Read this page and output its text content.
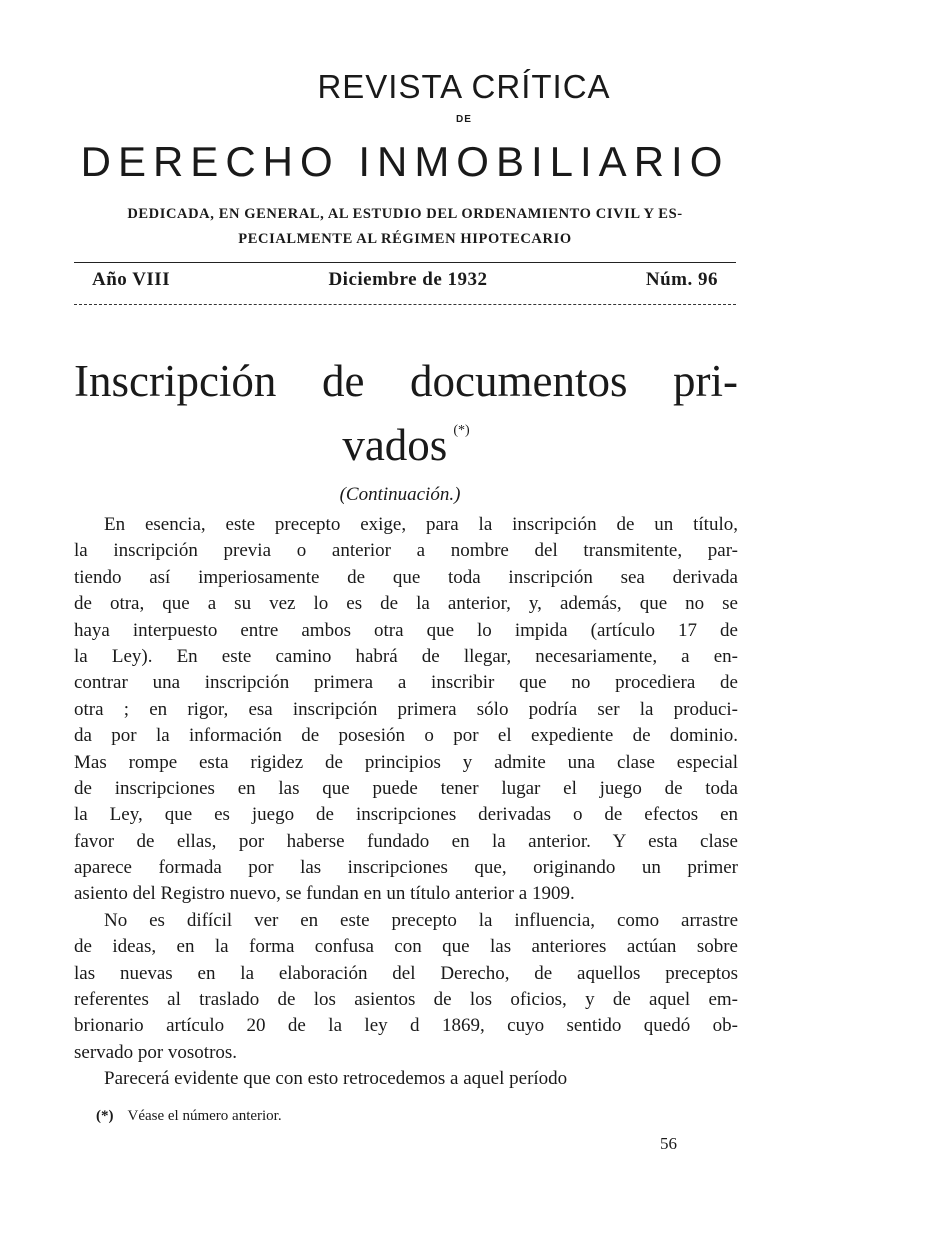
REVISTA CRÍTICA
DE
DERECHO INMOBILIARIO
DEDICADA, EN GENERAL, AL ESTUDIO DEL ORDENAMIENTO CIVIL Y ES-
PECIALMENTE AL RÉGIMEN HIPOTECARIO
Año VIII	Diciembre de 1932	Núm. 96
Inscripción de documentos pri-
vados (*)
(Continuación.)
En esencia, este precepto exige, para la inscripción de un título,
la inscripción previa o anterior a nombre del transmitente, par-
tiendo así imperiosamente de que toda inscripción sea derivada
de otra, que a su vez lo es de la anterior, y, además, que no se
haya interpuesto entre ambos otra que lo impida (artículo 17 de
la Ley). En este camino habrá de llegar, necesariamente, a en-
contrar una inscripción primera a inscribir que no procediera de
otra ; en rigor, esa inscripción primera sólo podría ser la produci-
da por la información de posesión o por el expediente de dominio.
Mas rompe esta rigidez de principios y admite una clase especial
de inscripciones en las que puede tener lugar el juego de toda
la Ley, que es juego de inscripciones derivadas o de efectos en
favor de ellas, por haberse fundado en la anterior. Y esta clase
aparece formada por las inscripciones que, originando un primer
asiento del Registro nuevo, se fundan en un título anterior a 1909.
No es difícil ver en este precepto la influencia, como arrastre
de ideas, en la forma confusa con que las anteriores actúan sobre
las nuevas en la elaboración del Derecho, de aquellos preceptos
referentes al traslado de los asientos de los oficios, y de aquel em-
brionario artículo 20 de la ley d 1869, cuyo sentido quedó ob-
servado por vosotros.
Parecerá evidente que con esto retrocedemos a aquel período
(*) Véase el número anterior.
56
